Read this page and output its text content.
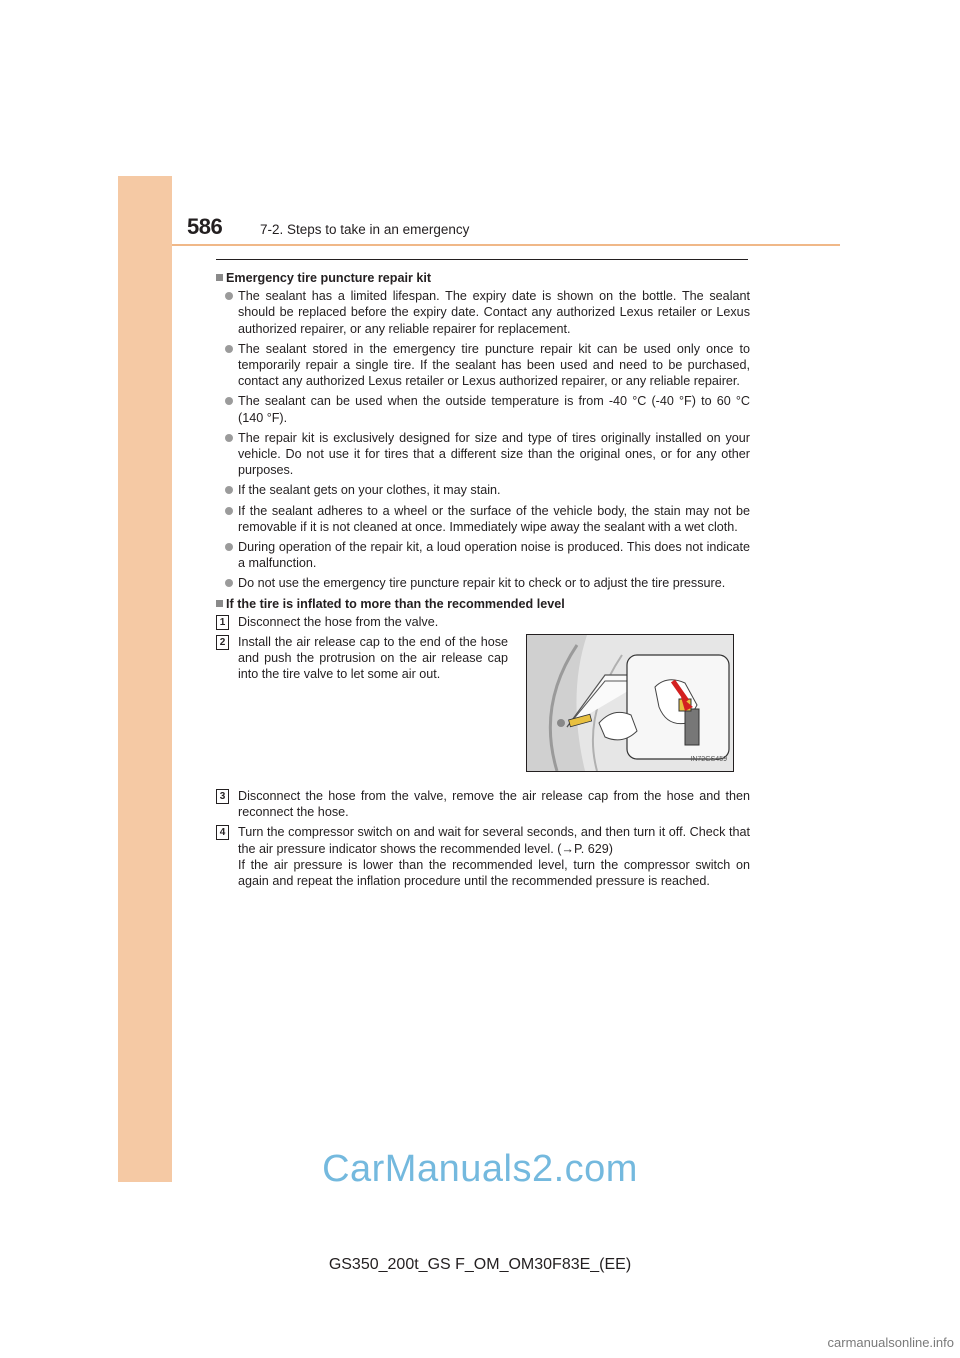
586	7-2. Steps to take in an emergency
Emergency tire puncture repair kit
The sealant has a limited lifespan. The expiry date is shown on the bottle. The sealant should be replaced before the expiry date. Contact any authorized Lexus retailer or Lexus authorized repairer, or any reliable repairer for replacement.
The sealant stored in the emergency tire puncture repair kit can be used only once to temporarily repair a single tire. If the sealant has been used and need to be purchased, contact any authorized Lexus retailer or Lexus authorized repairer, or any reliable repairer.
The sealant can be used when the outside temperature is from -40 °C (-40 °F) to 60 °C (140 °F).
The repair kit is exclusively designed for size and type of tires originally installed on your vehicle. Do not use it for tires that a different size than the original ones, or for any other purposes.
If the sealant gets on your clothes, it may stain.
If the sealant adheres to a wheel or the surface of the vehicle body, the stain may not be removable if it is not cleaned at once. Immediately wipe away the sealant with a wet cloth.
During operation of the repair kit, a loud operation noise is produced. This does not indicate a malfunction.
Do not use the emergency tire puncture repair kit to check or to adjust the tire pressure.
If the tire is inflated to more than the recommended level
1 Disconnect the hose from the valve.
2 Install the air release cap to the end of the hose and push the protrusion on the air release cap into the tire valve to let some air out.
IN72GS459
3 Disconnect the hose from the valve, remove the air release cap from the hose and then reconnect the hose.
4 Turn the compressor switch on and wait for several seconds, and then turn it off. Check that the air pressure indicator shows the recommended level. (→P. 629)
If the air pressure is lower than the recommended level, turn the compressor switch on again and repeat the inflation procedure until the recommended pressure is reached.
CarManuals2.com
GS350_200t_GS F_OM_OM30F83E_(EE)
carmanualsonline.info
